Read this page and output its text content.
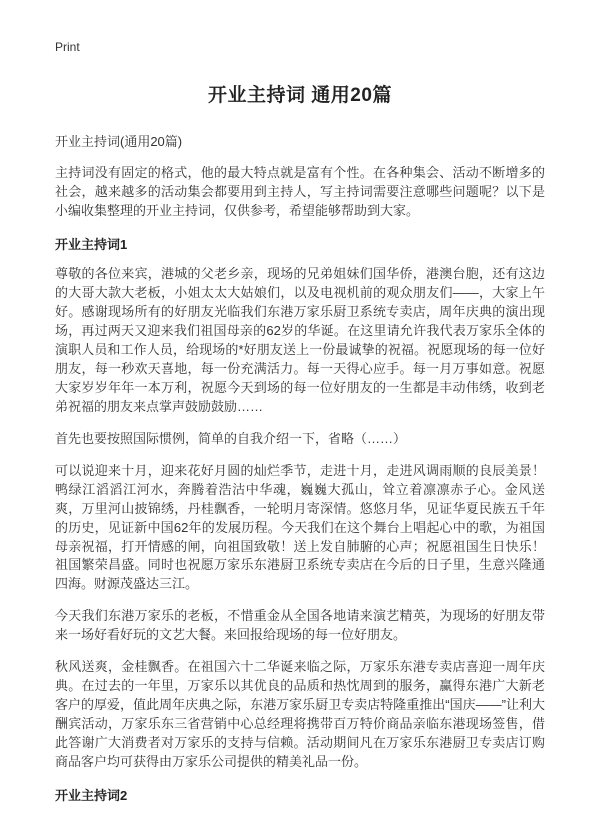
Print
开业主持词 通用20篇

开业主持词(通用20篇)

主持词没有固定的格式，他的最大特点就是富有个性。在各种集会、活动不断增多的社会，越来越多的活动集会都要用到主持人，写主持词需要注意哪些问题呢？以下是小编收集整理的开业主持词，仅供参考，希望能够帮助到大家。

开业主持词1

尊敬的各位来宾，港城的父老乡亲，现场的兄弟姐妹们国华侨，港澳台胞，还有这边的大哥大款大老板，小姐太太大姑娘们，以及电视机前的观众朋友们——，大家上午好。感谢现场所有的好朋友光临我们东港万家乐厨卫系统专卖店，周年庆典的演出现场，再过两天又迎来我们祖国母亲的62岁的华诞。在这里请允许我代表万家乐全体的演职人员和工作人员，给现场的*好朋友送上一份最诚挚的祝福。祝愿现场的每一位好朋友，每一秒欢天喜地，每一份充满活力。每一天得心应手。每一月万事如意。祝愿大家岁岁年年一本万利，祝愿今天到场的每一位好朋友的一生都是丰动伟绣，收到老弟祝福的朋友来点掌声鼓励鼓励……

首先也要按照国际惯例，简单的自我介绍一下，省略（……）

可以说迎来十月，迎来花好月圆的灿烂季节，走进十月，走进风调雨顺的良辰美景！鸭绿江滔滔江河水，奔腾着浩沽中华魂，巍巍大孤山，耸立着凛凛赤子心。金风送爽，万里河山披锦绣，丹桂飘香，一轮明月寄深情。悠悠月华，见证华夏民族五千年的历史，见证新中国62年的发展历程。今天我们在这个舞台上唱起心中的歌，为祖国母亲祝福，打开情感的闸，向祖国致敬！送上发自肺腑的心声；祝愿祖国生日快乐！祖国繁荣昌盛。同时也祝愿万家乐东港厨卫系统专卖店在今后的日子里，生意兴隆通四海。财源茂盛达三江。

今天我们东港万家乐的老板，不惜重金从全国各地请来演艺精英，为现场的好朋友带来一场好看好玩的文艺大餐。来回报给现场的每一位好朋友。

秋风送爽，金桂飘香。在祖国六十二华诞来临之际，万家乐东港专卖店喜迎一周年庆典。在过去的一年里，万家乐以其优良的品质和热忱周到的服务，赢得东港广大新老客户的厚爱，值此周年庆典之际，东港万家乐厨卫专卖店特隆重推出“国庆——”让利大酬宾活动，万家乐东三省营销中心总经理将携带百万特价商品亲临东港现场签售，借此答谢广大消费者对万家乐的支持与信赖。活动期间凡在万家乐东港厨卫专卖店订购商品客户均可获得由万家乐公司提供的精美礼品一份。

开业主持词2
